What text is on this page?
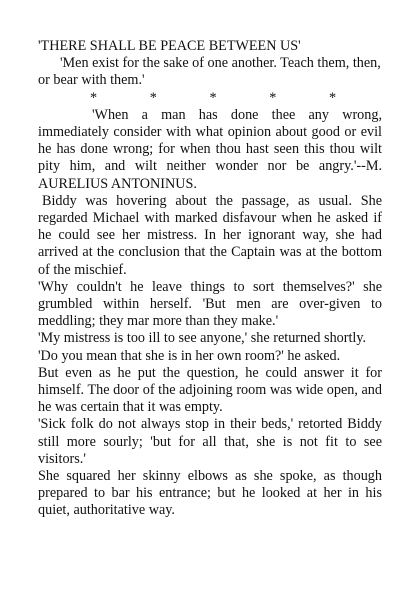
'THERE SHALL BE PEACE BETWEEN US'

'Men exist for the sake of one another. Teach them, then, or bear with them.'

*   *   *   *   *

'When a man has done thee any wrong, immediately consider with what opinion about good or evil he has done wrong; for when thou hast seen this thou wilt pity him, and wilt neither wonder nor be angry.'--M. AURELIUS ANTONINUS.

Biddy was hovering about the passage, as usual. She regarded Michael with marked disfavour when he asked if he could see her mistress. In her ignorant way, she had arrived at the conclusion that the Captain was at the bottom of the mischief.

'Why couldn't he leave things to sort themselves?' she grumbled within herself. 'But men are over-given to meddling; they mar more than they make.'

'My mistress is too ill to see anyone,' she returned shortly.

'Do you mean that she is in her own room?' he asked.

But even as he put the question, he could answer it for himself. The door of the adjoining room was wide open, and he was certain that it was empty.

'Sick folk do not always stop in their beds,' retorted Biddy still more sourly; 'but for all that, she is not fit to see visitors.'

She squared her skinny elbows as she spoke, as though prepared to bar his entrance; but he looked at her in his quiet, authoritative way.
